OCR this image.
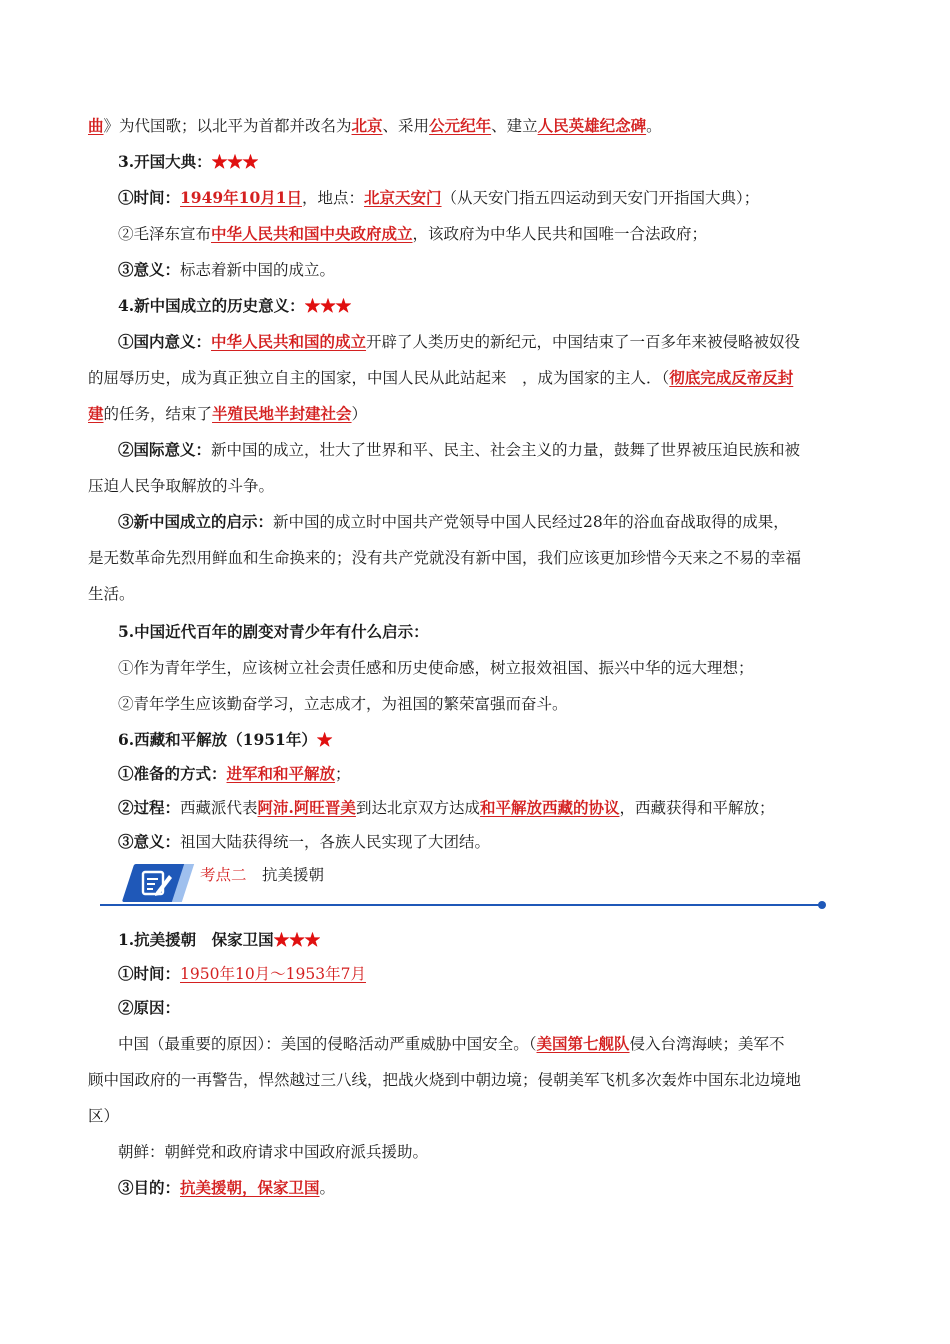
曲》为代国歌；以北平为首都并改名为北京、采用公元纪年、建立人民英雄纪念碑。
3.开国大典：★★★
①时间：1949年10月1日，地点：北京天安门（从天安门指五四运动到天安门开指国大典）；
②毛泽东宣布中华人民共和国中央政府成立，该政府为中华人民共和国唯一合法政府；
③意义：标志着新中国的成立。
4.新中国成立的历史意义：★★★
①国内意义：中华人民共和国的成立开辟了人类历史的新纪元，中国结束了一百多年来被侵略被奴役
的屈辱历史，成为真正独立自主的国家，中国人民从此站起来　，成为国家的主人．（彻底完成反帝反封
建的任务，结束了半殖民地半封建社会）
②国际意义：新中国的成立，壮大了世界和平、民主、社会主义的力量，鼓舞了世界被压迫民族和被
压迫人民争取解放的斗争。
③新中国成立的启示：新中国的成立时中国共产党领导中国人民经过28年的浴血奋战取得的成果，
是无数革命先烈用鲜血和生命换来的；没有共产党就没有新中国，我们应该更加珍惜今天来之不易的幸福
生活。
5.中国近代百年的剧变对青少年有什么启示：
①作为青年学生，应该树立社会责任感和历史使命感，树立报效祖国、振兴中华的远大理想；
②青年学生应该勤奋学习，立志成才，为祖国的繁荣富强而奋斗。
6.西藏和平解放（1951年）★
①准备的方式：进军和和平解放；
②过程：西藏派代表阿沛.阿旺晋美到达北京双方达成和平解放西藏的协议，西藏获得和平解放；
③意义：祖国大陆获得统一，各族人民实现了大团结。
考点二　 抗美援朝
1.抗美援朝　保家卫国★★★
①时间：1950年10月～1953年7月
②原因：
中国（最重要的原因）：美国的侵略活动严重威胁中国安全。（美国第七舰队侵入台湾海峡；美军不
顾中国政府的一再警告，悍然越过三八线，把战火烧到中朝边境；侵朝美军飞机多次轰炸中国东北边境地
区）
朝鲜：朝鲜党和政府请求中国政府派兵援助。
③目的：抗美援朝，保家卫国。
